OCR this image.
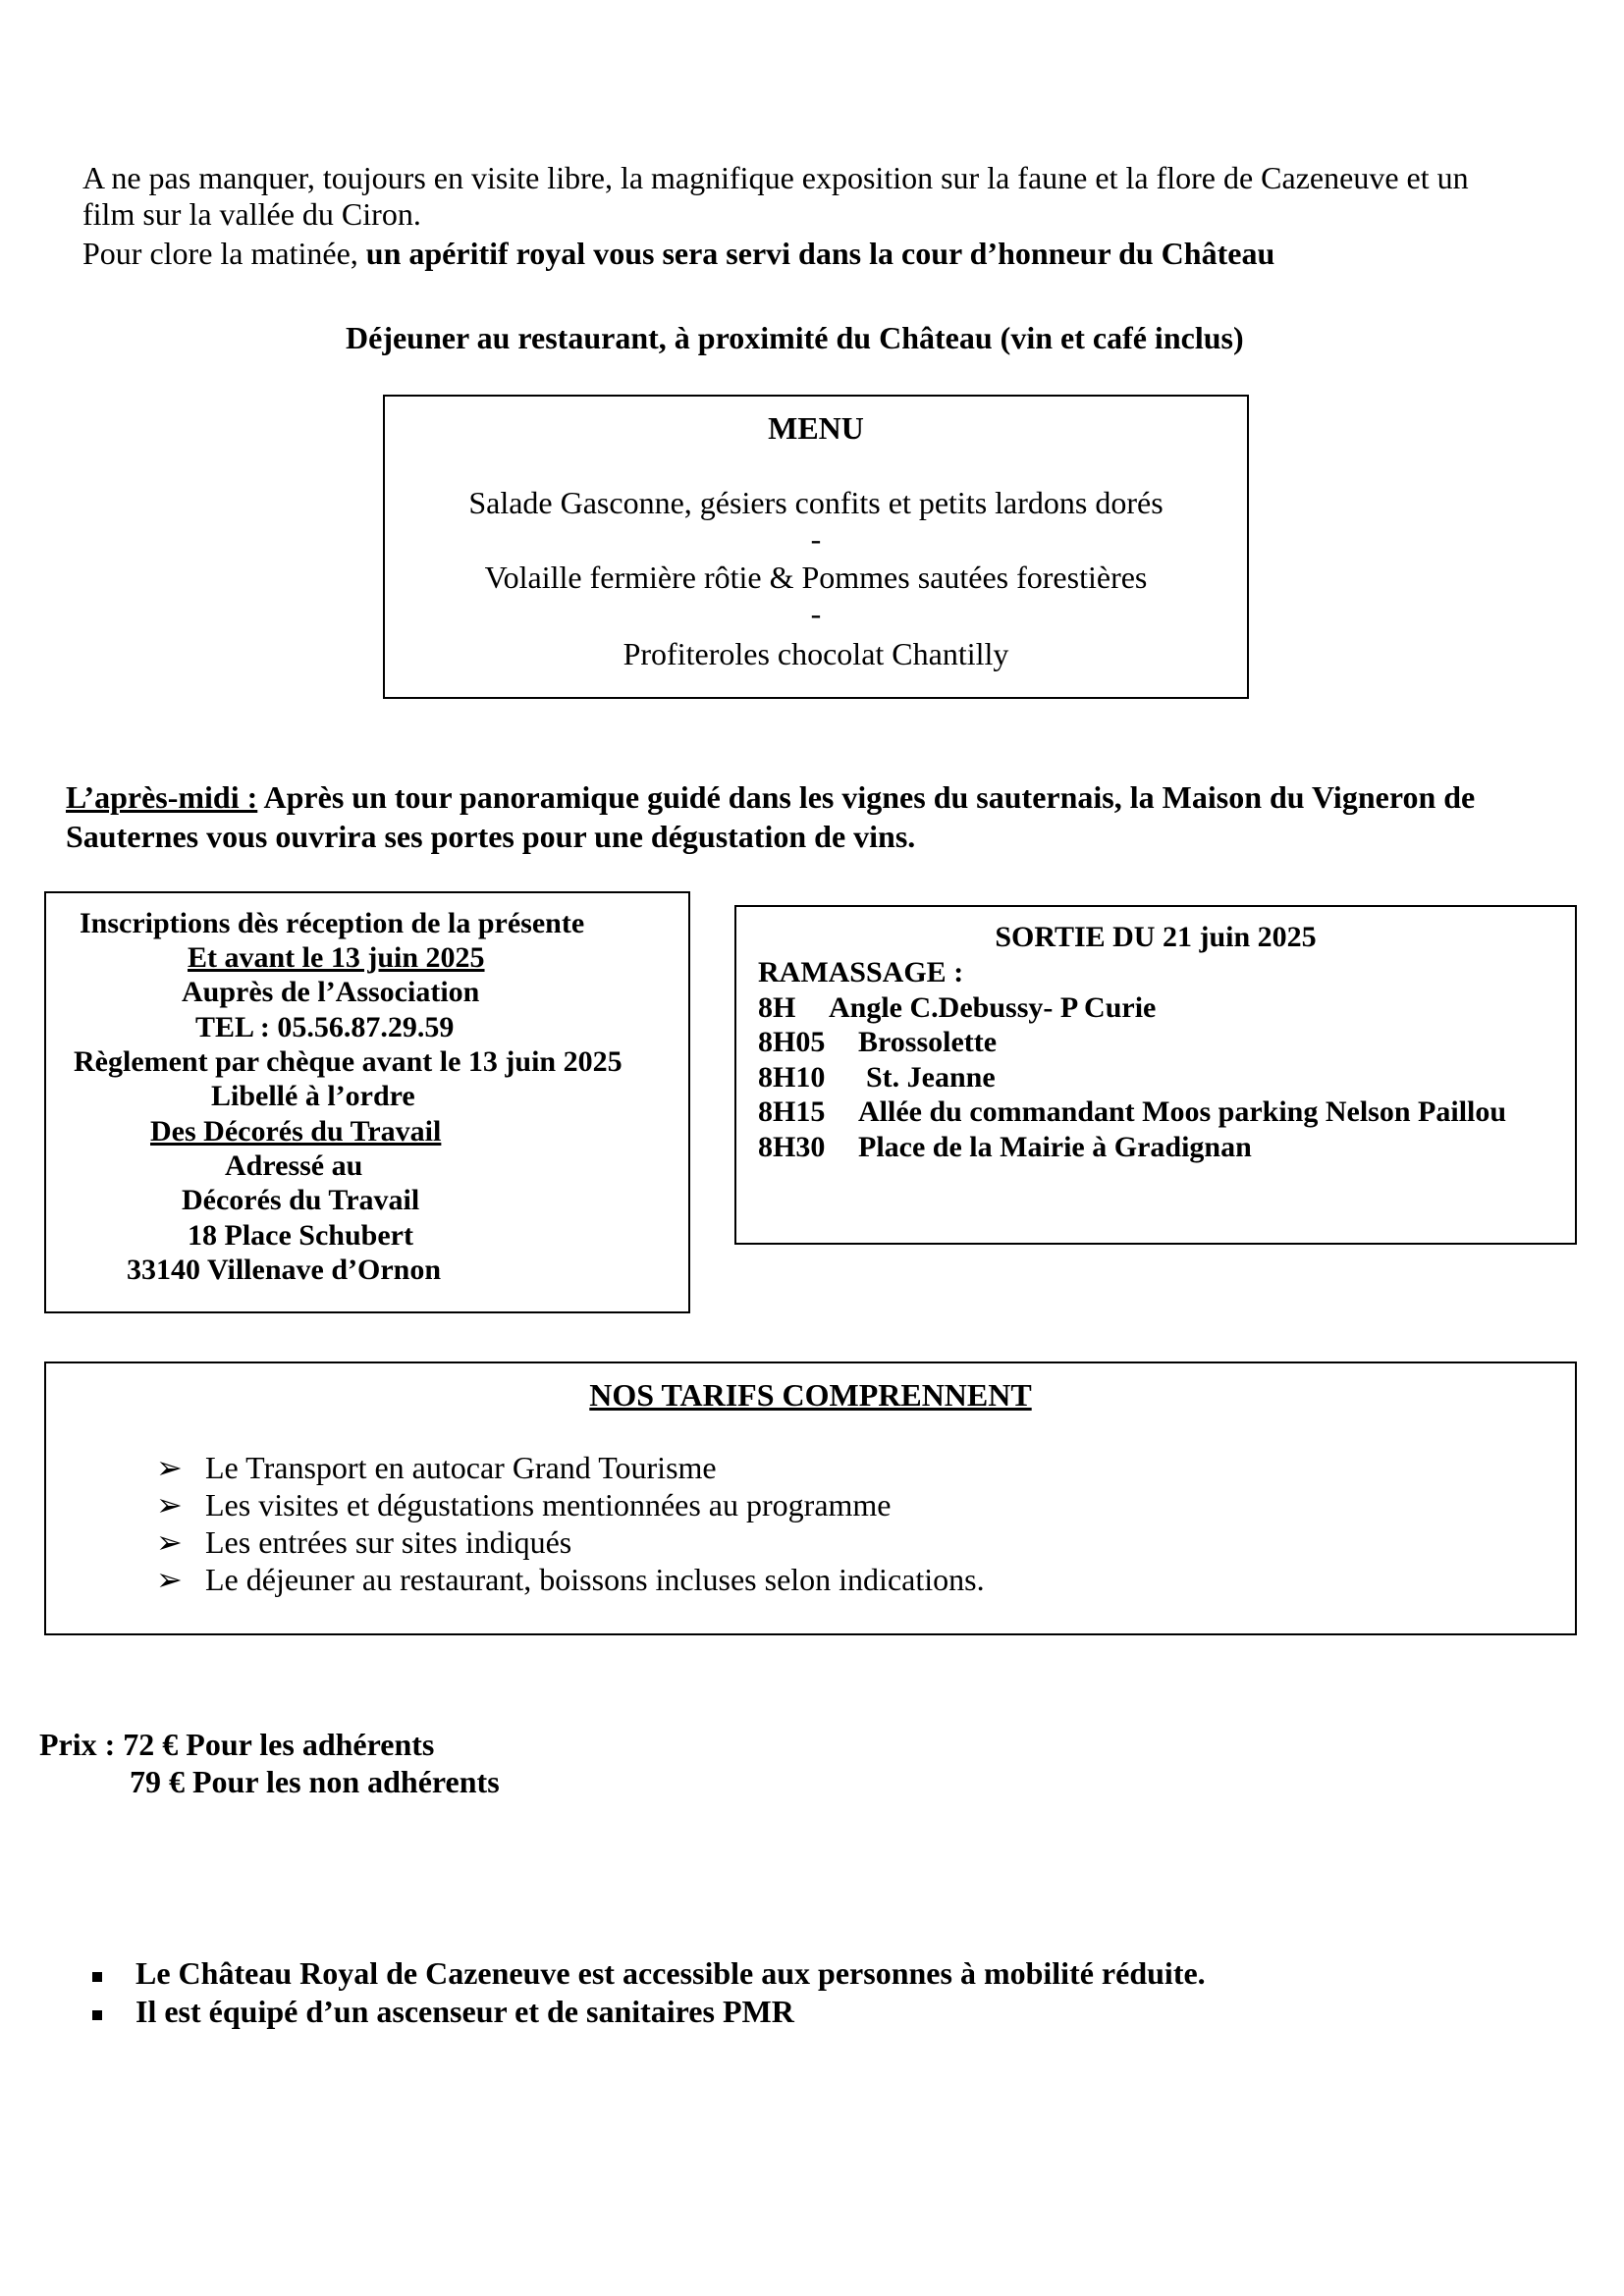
A ne pas manquer, toujours en visite libre, la magnifique exposition sur la faune et la flore de Cazeneuve et un
film sur la vallée du Ciron.
Pour clore la matinée, un apéritif royal vous sera servi dans la cour d’honneur du Château
Déjeuner au restaurant, à proximité du Château (vin et café inclus)
MENU
Salade Gasconne, gésiers confits et petits lardons dorés
-
Volaille fermière rôtie & Pommes sautées forestières
-
Profiteroles chocolat Chantilly
L’après-midi : Après un tour panoramique guidé dans les vignes du sauternais, la Maison du Vigneron de
Sauternes vous ouvrira ses portes pour une dégustation de vins.
Inscriptions dès réception de la présente
Et avant le 13 juin 2025
Auprès de l’Association
TEL : 05.56.87.29.59
Règlement par chèque avant le 13 juin 2025
Libellé à l’ordre
Des Décorés du Travail
Adressé au
Décorés du Travail
18 Place Schubert
33140 Villenave d’Ornon
SORTIE DU 21 juin 2025
RAMASSAGE :
8H Angle C.Debussy- P Curie
8H05 Brossolette
8H10 St. Jeanne
8H15 Allée du commandant Moos parking Nelson Paillou
8H30 Place de la Mairie à Gradignan
NOS TARIFS COMPRENNENT
➢ Le Transport en autocar Grand Tourisme
➢ Les visites et dégustations mentionnées au programme
➢ Les entrées sur sites indiqués
➢ Le déjeuner au restaurant, boissons incluses selon indications.
Prix : 72 € Pour les adhérents
79 € Pour les non adhérents
Le Château Royal de Cazeneuve est accessible aux personnes à mobilité réduite.
Il est équipé d’un ascenseur et de sanitaires PMR
